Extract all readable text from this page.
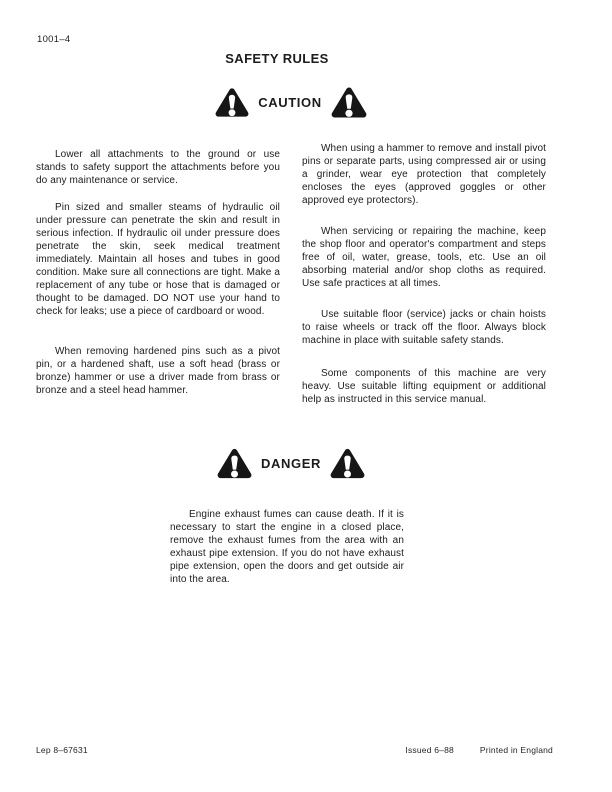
1001–4
SAFETY RULES
CAUTION

Lower all attachments to the ground or use stands to safety support the attachments before you do any maintenance or service.

Pin sized and smaller steams of hydraulic oil under pressure can penetrate the skin and result in serious infection. If hydraulic oil under pressure does penetrate the skin, seek medical treatment immediately. Maintain all hoses and tubes in good condition. Make sure all connections are tight. Make a replacement of any tube or hose that is damaged or thought to be damaged. DO NOT use your hand to check for leaks; use a piece of cardboard or wood.

When removing hardened pins such as a pivot pin, or a hardened shaft, use a soft head (brass or bronze) hammer or use a driver made from brass or bronze and a steel head hammer.

When using a hammer to remove and install pivot pins or separate parts, using compressed air or using a grinder, wear eye protection that completely encloses the eyes (approved goggles or other approved eye protectors).

When servicing or repairing the machine, keep the shop floor and operator's compartment and steps free of oil, water, grease, tools, etc. Use an oil absorbing material and/or shop cloths as required. Use safe practices at all times.

Use suitable floor (service) jacks or chain hoists to raise wheels or track off the floor. Always block machine in place with suitable safety stands.

Some components of this machine are very heavy. Use suitable lifting equipment or additional help as instructed in this service manual.

DANGER

Engine exhaust fumes can cause death. If it is necessary to start the engine in a closed place, remove the exhaust fumes from the area with an exhaust pipe extension. If you do not have exhaust pipe extension, open the doors and get outside air into the area.

Lep 8–67631	Issued 6–88	Printed in England
